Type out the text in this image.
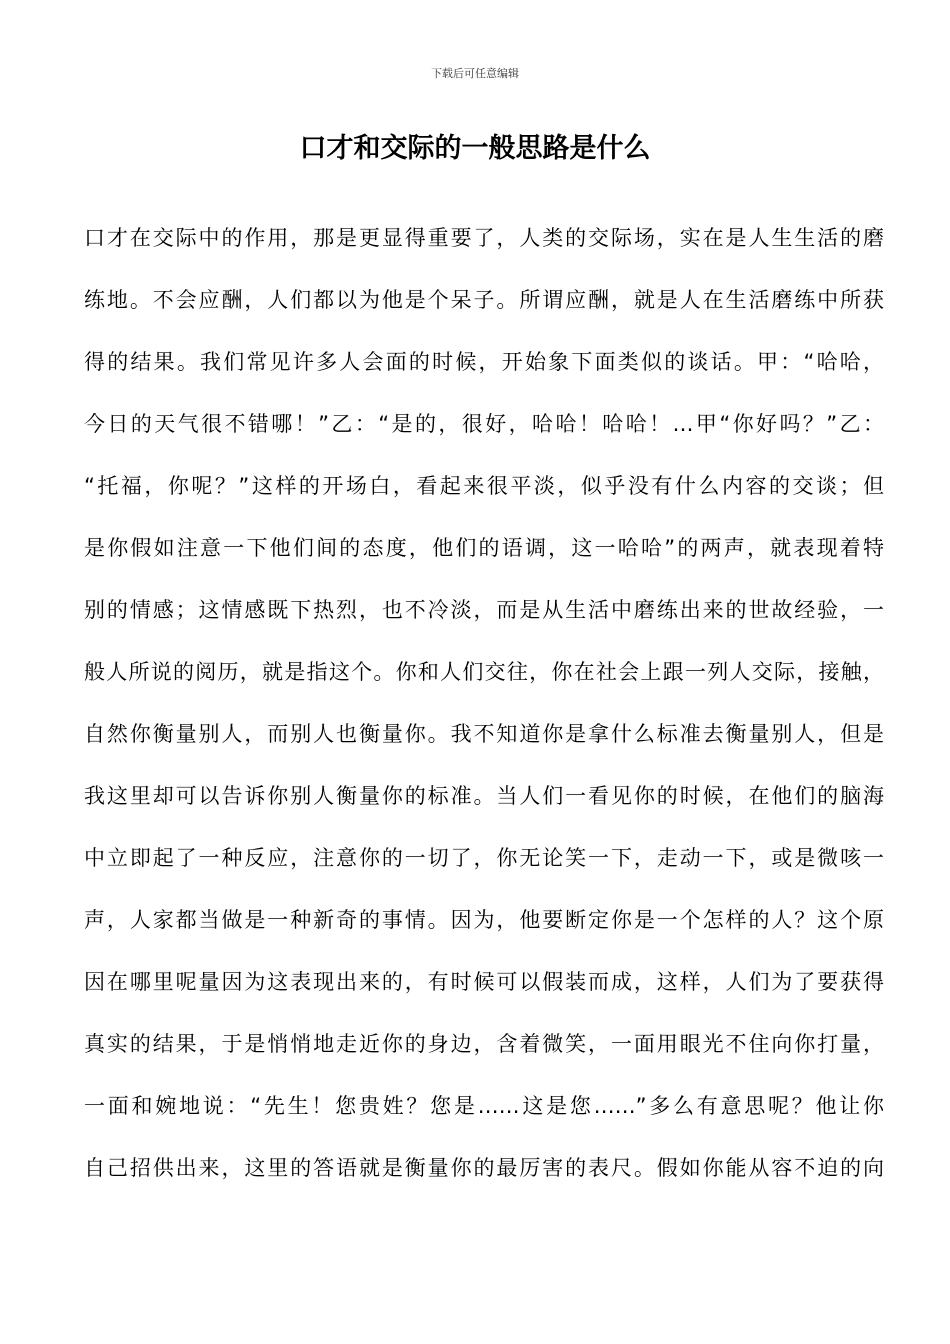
下载后可任意编辑
口才和交际的一般思路是什么
口才在交际中的作用，那是更显得重要了，人类的交际场，实在是人生生活的磨
练地。不会应酬，人们都以为他是个呆子。所谓应酬，就是人在生活磨练中所获
得的结果。我们常见许多人会面的时候，开始象下面类似的谈话。甲：“哈哈，
今日的天气很不错哪！”乙：“是的，很好，哈哈！哈哈！…甲“你好吗？”乙：
“托福，你呢？”这样的开场白，看起来很平淡，似乎没有什么内容的交谈；但
是你假如注意一下他们间的态度，他们的语调，这一哈哈”的两声，就表现着特
别的情感；这情感既下热烈，也不冷淡，而是从生活中磨练出来的世故经验，一
般人所说的阅历，就是指这个。你和人们交往，你在社会上跟一列人交际，接触，
自然你衡量别人，而别人也衡量你。我不知道你是拿什么标准去衡量别人，但是
我这里却可以告诉你别人衡量你的标准。当人们一看见你的时候，在他们的脑海
中立即起了一种反应，注意你的一切了，你无论笑一下，走动一下，或是微咳一
声，人家都当做是一种新奇的事情。因为，他要断定你是一个怎样的人？这个原
因在哪里呢量因为这表现出来的，有时候可以假装而成，这样，人们为了要获得
真实的结果，于是悄悄地走近你的身边，含着微笑，一面用眼光不住向你打量，
一面和婉地说：“先生！您贵姓？您是……这是您……”多么有意思呢？他让你
自己招供出来，这里的答语就是衡量你的最厉害的表尺。假如你能从容不迫的向
